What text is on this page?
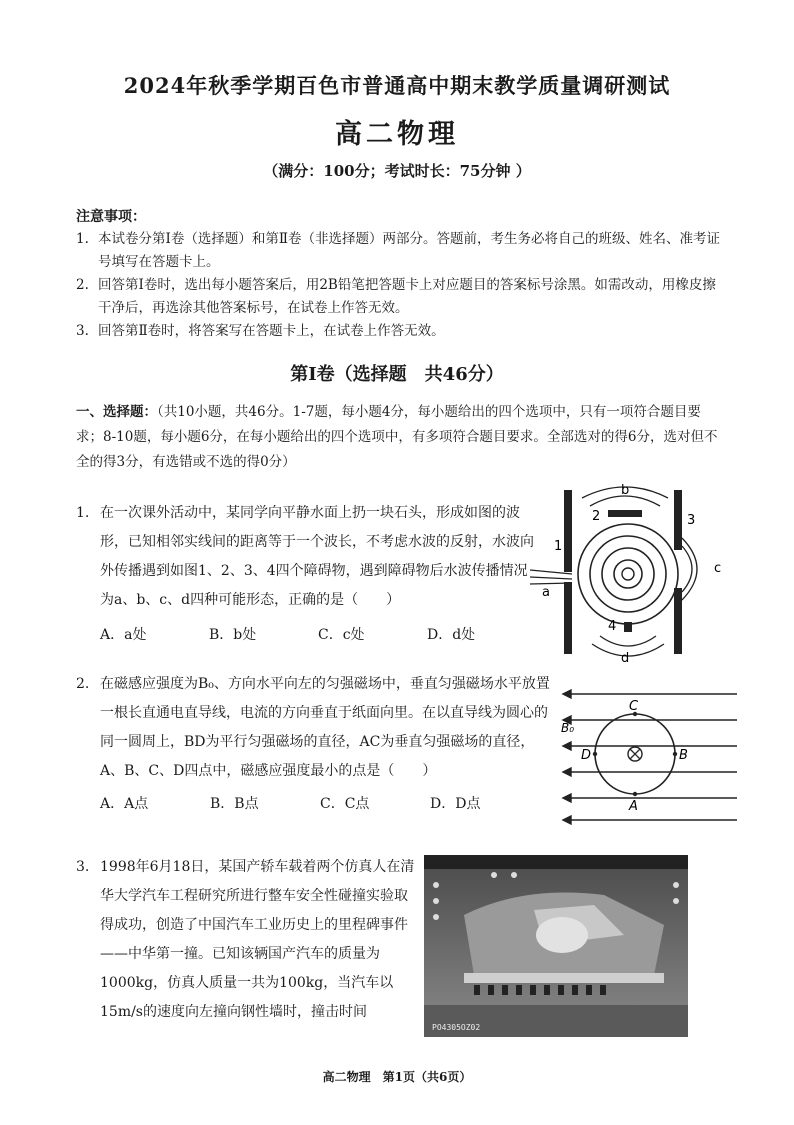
2024年秋季学期百色市普通高中期末教学质量调研测试
高二物理
（满分：100分；考试时长：75分钟 ）
注意事项：
1. 本试卷分第Ⅰ卷（选择题）和第Ⅱ卷（非选择题）两部分。答题前，考生务必将自己的班级、姓名、准考证号填写在答题卡上。
2. 回答第Ⅰ卷时，选出每小题答案后，用2B铅笔把答题卡上对应题目的答案标号涂黑。如需改动，用橡皮擦干净后，再选涂其他答案标号，在试卷上作答无效。
3. 回答第Ⅱ卷时，将答案写在答题卡上，在试卷上作答无效。
第Ⅰ卷（选择题　共46分）
一、选择题：（共10小题，共46分。1-7题，每小题4分，每小题给出的四个选项中，只有一项符合题目要求；8-10题，每小题6分，在每小题给出的四个选项中，有多项符合题目要求。全部选对的得6分，选对但不全的得3分，有选错或不选的得0分）
1. 在一次课外活动中，某同学向平静水面上扔一块石头，形成如图的波形，已知相邻实线间的距离等于一个波长，不考虑水波的反射，水波向外传播遇到如图1、2、3、4四个障碍物，遇到障碍物后水波传播情况为a、b、c、d四种可能形态，正确的是（　　）
A．a处	B．b处	C．c处	D．d处
b
2	3
1
c
a
4
d
2. 在磁感应强度为B₀、方向水平向左的匀强磁场中，垂直匀强磁场水平放置一根长直通电直导线，电流的方向垂直于纸面向里。在以直导线为圆心的同一圆周上，BD为平行匀强磁场的直径，AC为垂直匀强磁场的直径，A、B、C、D四点中，磁感应强度最小的点是（　　）
A．A点	B．B点	C．C点	D．D点
B₀
C
D	B
A
3. 1998年6月18日，某国产轿车载着两个仿真人在清华大学汽车工程研究所进行整车安全性碰撞实验取得成功，创造了中国汽车工业历史上的里程碑事件——中华第一撞。已知该辆国产汽车的质量为1000kg，仿真人质量一共为100kg，当汽车以15m/s的速度向左撞向钢性墙时，撞击时间
PO4305OZ02
高二物理　第1页（共6页）
